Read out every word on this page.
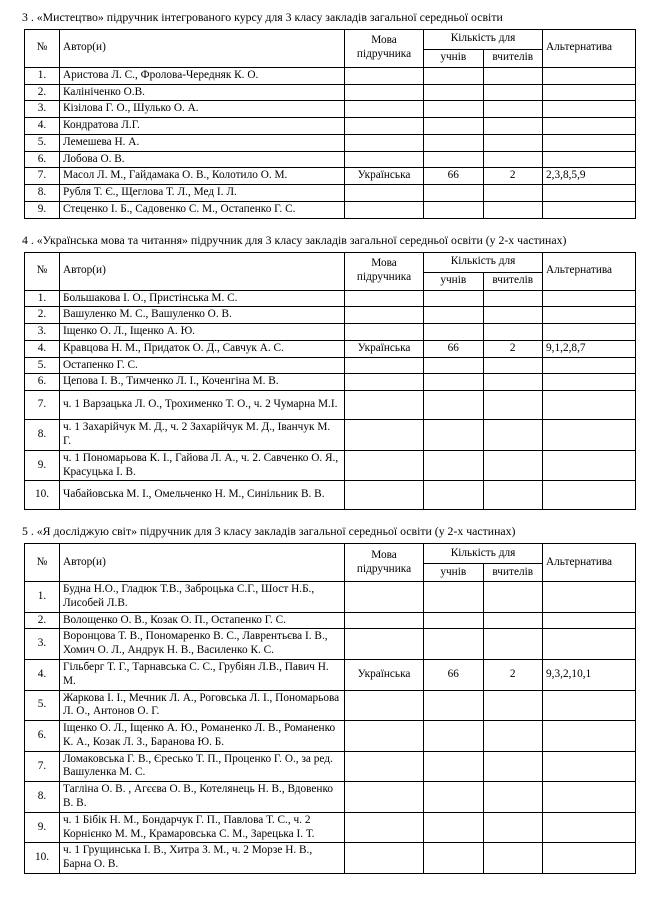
3 . «Мистецтво» підручник інтегрованого курсу для 3 класу закладів загальної середньої освіти
№	Автор(и)	Мова підручника	Кількість для		Альтернатива
			учнів	вчителів	
1.	Аристова Л. С., Фролова-Чередняк К. О.				
2.	Калініченко О.В.				
3.	Кізілова Г. О., Шулько О. А.				
4.	Кондратова Л.Г.				
5.	Лемешева Н. А.				
6.	Лобова О. В.				
7.	Масол Л. М., Гайдамака О. В., Колотило О. М.	Українська	66	2	2,3,8,5,9
8.	Рубля Т. Є., Щеглова Т. Л., Мед І. Л.				
9.	Стеценко І. Б., Садовенко С. М., Остапенко Г. С.				
4 . «Українська мова та читання» підручник для 3 класу закладів загальної середньої освіти (у 2-х частинах)
№	Автор(и)	Мова підручника	Кількість для		Альтернатива
			учнів	вчителів	
1.	Большакова І. О., Пристінська М. С.				
2.	Вашуленко М. С., Вашуленко О. В.				
3.	Іщенко О. Л., Іщенко А. Ю.				
4.	Кравцова Н. М., Придаток О. Д., Савчук А. С.	Українська	66	2	9,1,2,8,7
5.	Остапенко Г. С.				
6.	Цепова І. В., Тимченко Л. І., Коченгіна М. В.				
7.	ч. 1 Варзацька Л. О., Трохименко Т. О., ч. 2 Чумарна М.І.				
8.	ч. 1 Захарійчук М. Д., ч. 2 Захарійчук М. Д., Іванчук М. Г.				
9.	ч. 1 Пономарьова К. І., Гайова Л. А., ч. 2. Савченко О. Я., Красуцька І. В.				
10.	Чабайовська М. І., Омельченко Н. М., Синільник В. В.				
5 . «Я досліджую світ» підручник для 3 класу закладів загальної середньої освіти (у 2-х частинах)
№	Автор(и)	Мова підручника	Кількість для		Альтернатива
			учнів	вчителів	
1.	Будна Н.О., Гладюк Т.В., Заброцька С.Г., Шост Н.Б., Лисобей Л.В.				
2.	Волощенко О. В., Козак О. П., Остапенко Г. С.				
3.	Воронцова Т. В., Пономаренко В. С., Лаврентьєва І. В., Хомич О. Л., Андрук Н. В., Василенко К. С.				
4.	Гільберг Т. Г., Тарнавська С. С., Грубіян Л.В., Павич Н. М.	Українська	66	2	9,3,2,10,1
5.	Жаркова І. І., Мечник Л. А., Роговська Л. І., Пономарьова Л. О., Антонов О. Г.				
6.	Іщенко О. Л., Іщенко А. Ю., Романенко Л. В., Романенко К. А., Козак Л. З., Баранова Ю. Б.				
7.	Ломаковська Г. В., Єресько Т. П., Проценко Г. О., за ред. Вашуленка М. С.				
8.	Тагліна О. В. , Агєєва О. В., Котелянець Н. В., Вдовенко В. В.				
9.	ч. 1 Бібік Н. М., Бондарчук Г. П., Павлова Т. С., ч. 2 Корнієнко М. М., Крамаровська С. М., Зарецька І. Т.				
10.	ч. 1 Грущинська І. В., Хитра З. М., ч. 2 Морзе Н. В., Барна О. В.				
